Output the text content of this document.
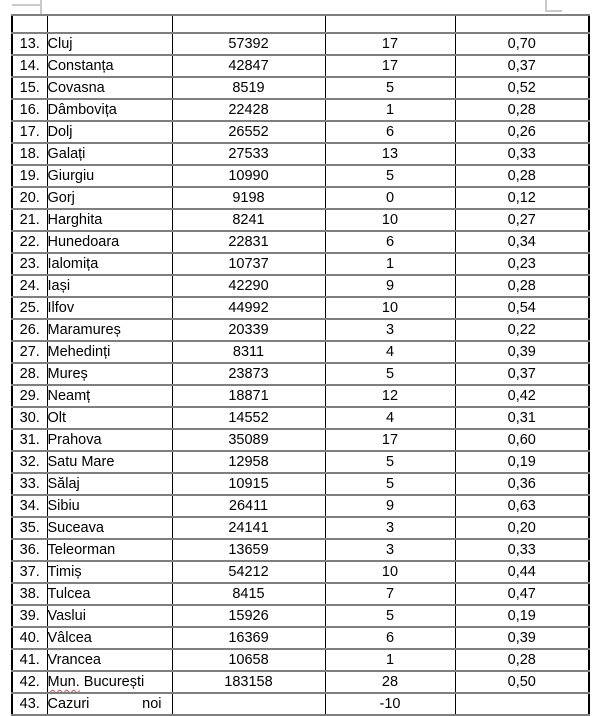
13.	Cluj	57392	17	0,70
14.	Constanța	42847	17	0,37
15.	Covasna	8519	5	0,52
16.	Dâmbovița	22428	1	0,28
17.	Dolj	26552	6	0,26
18.	Galați	27533	13	0,33
19.	Giurgiu	10990	5	0,28
20.	Gorj	9198	0	0,12
21.	Harghita	8241	10	0,27
22.	Hunedoara	22831	6	0,34
23.	Ialomița	10737	1	0,23
24.	Iași	42290	9	0,28
25.	Ilfov	44992	10	0,54
26.	Maramureș	20339	3	0,22
27.	Mehedinți	8311	4	0,39
28.	Mureș	23873	5	0,37
29.	Neamț	18871	12	0,42
30.	Olt	14552	4	0,31
31.	Prahova	35089	17	0,60
32.	Satu Mare	12958	5	0,19
33.	Sălaj	10915	5	0,36
34.	Sibiu	26411	9	0,63
35.	Suceava	24141	3	0,20
36.	Teleorman	13659	3	0,33
37.	Timiș	54212	10	0,44
38.	Tulcea	8415	7	0,47
39.	Vaslui	15926	5	0,19
40.	Vâlcea	16369	6	0,39
41.	Vrancea	10658	1	0,28
42.	Mun. București	183158	28	0,50
43.	Cazuri noi		-10	
